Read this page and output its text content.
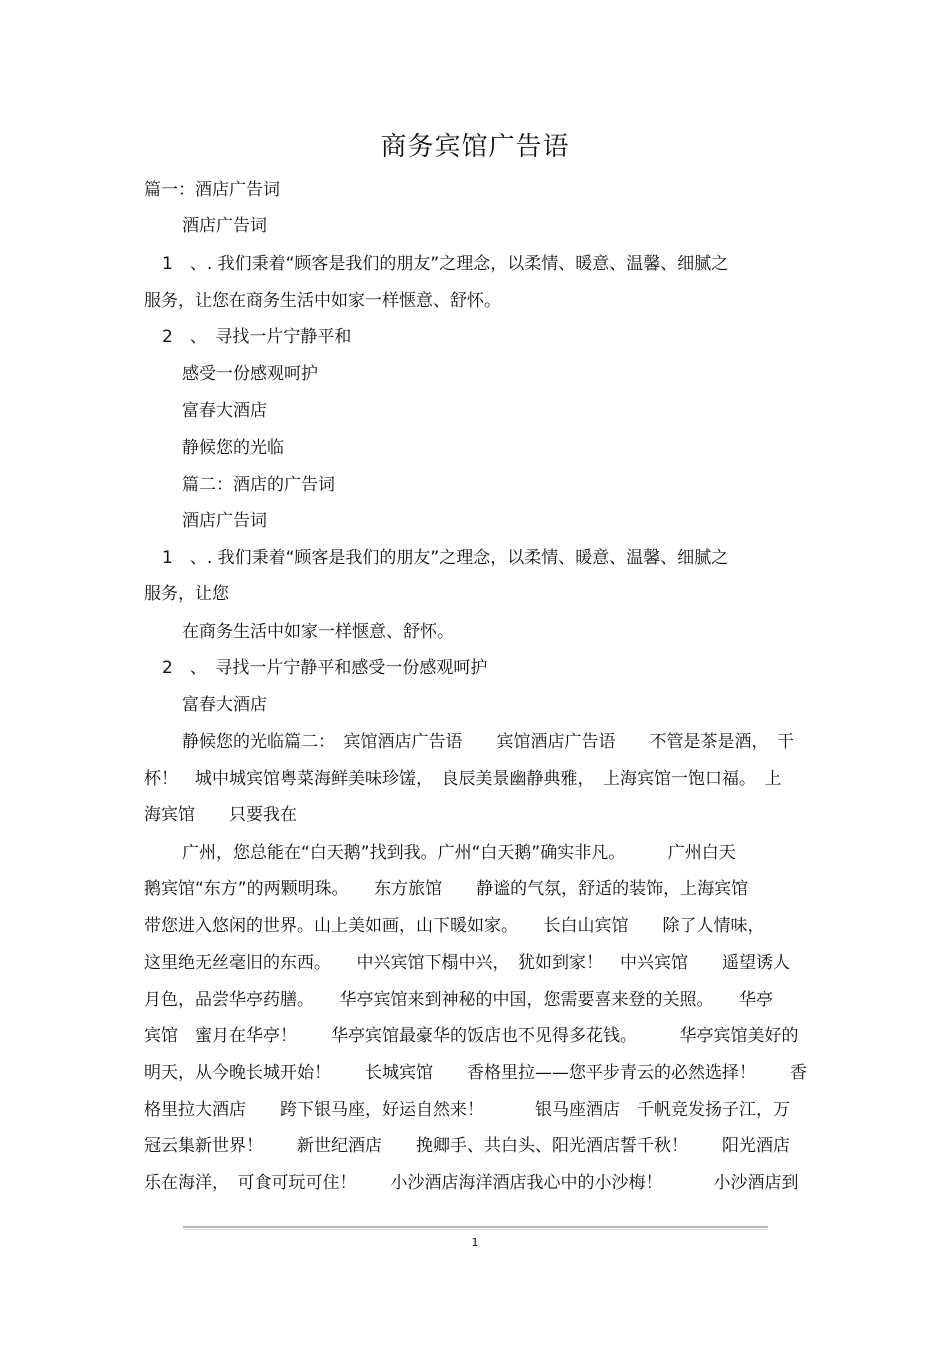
商务宾馆广告语
篇一：酒店广告词
酒店广告词
1　、. 我们秉着“顾客是我们的朋友”之理念，以柔情、暖意、温馨、细腻之
服务，让您在商务生活中如家一样惬意、舒怀。
2　、　寻找一片宁静平和
感受一份感观呵护
富春大酒店
静候您的光临
篇二：酒店的广告词
酒店广告词
1　、. 我们秉着“顾客是我们的朋友”之理念，以柔情、暖意、温馨、细腻之
服务，让您
在商务生活中如家一样惬意、舒怀。
2　、　寻找一片宁静平和感受一份感观呵护
富春大酒店
静候您的光临篇二：　宾馆酒店广告语　　宾馆酒店广告语　　不管是茶是酒，　干
杯！　城中城宾馆粤菜海鲜美味珍馐，　良辰美景幽静典雅，　上海宾馆一饱口福。　上
海宾馆　　只要我在
广州，您总能在“白天鹅”找到我。广州“白天鹅”确实非凡。　　　广州白天
鹅宾馆“东方”的两颗明珠。　　东方旅馆　　静谧的气氛，舒适的装饰，上海宾馆
带您进入悠闲的世界。山上美如画，山下暖如家。　　长白山宾馆　　除了人情味，
这里绝无丝毫旧的东西。　　中兴宾馆下榻中兴，　犹如到家！　中兴宾馆　　遥望诱人
月色，品尝华亭药膳。　　华亭宾馆来到神秘的中国，您需要喜来登的关照。　　华亭
宾馆　蜜月在华亭！　　华亭宾馆最豪华的饭店也不见得多花钱。　　　华亭宾馆美好的
明天，从今晚长城开始！　　长城宾馆　　香格里拉——您平步青云的必然选择！　　香
格里拉大酒店　　跨下银马座，好运自然来！　　　银马座酒店　千帆竞发扬子江，万
冠云集新世界！　　新世纪酒店　　挽卿手、共白头、阳光酒店誓千秋！　　阳光酒店
乐在海洋，　可食可玩可住！　　小沙酒店海洋酒店我心中的小沙梅！　　　小沙酒店到
1
